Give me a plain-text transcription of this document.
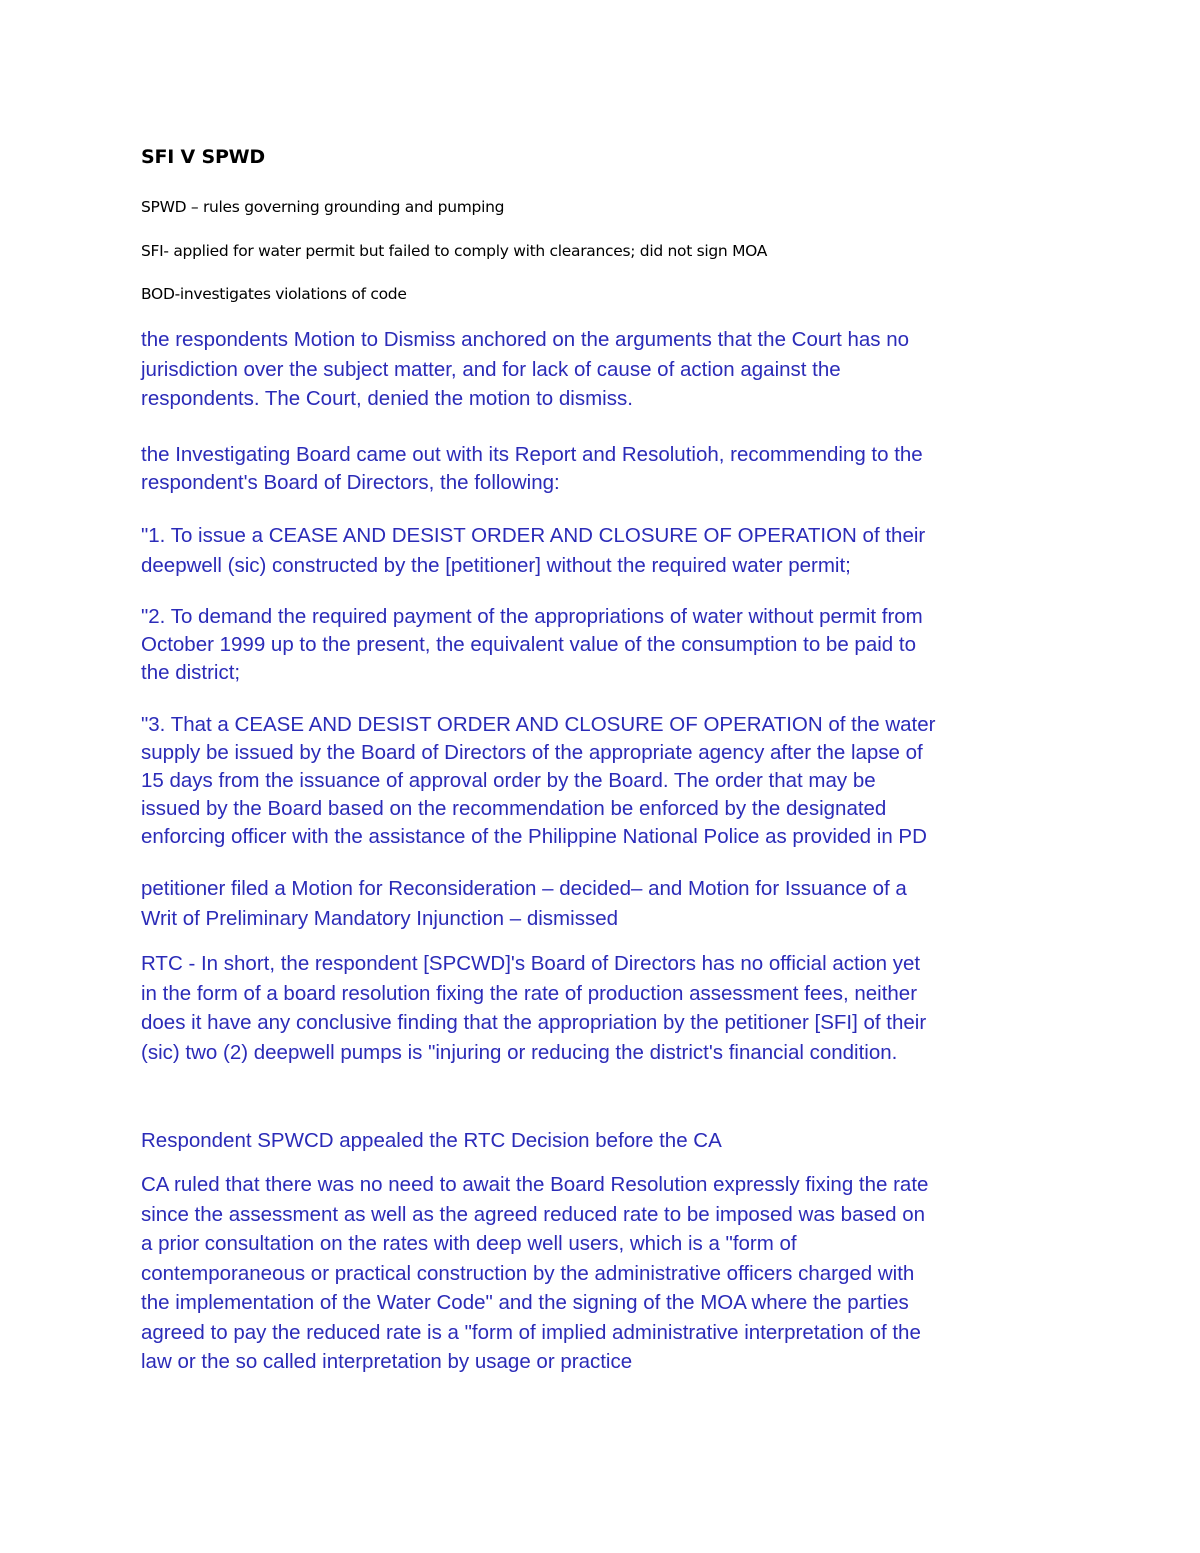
SFI V SPWD

SPWD – rules governing grounding and pumping

SFI- applied for water permit but failed to comply with clearances; did not sign MOA

BOD-investigates violations of code

the respondents Motion to Dismiss anchored on the arguments that the Court has no
jurisdiction over the subject matter, and for lack of cause of action against the
respondents. The Court, denied the motion to dismiss.
the Investigating Board came out with its Report and Resolutioh, recommending to the
respondent's Board of Directors, the following:
"1. To issue a CEASE AND DESIST ORDER AND CLOSURE OF OPERATION of their
deepwell (sic) constructed by the [petitioner] without the required water permit;
"2. To demand the required payment of the appropriations of water without permit from
October 1999 up to the present, the equivalent value of the consumption to be paid to
the district;
"3. That a CEASE AND DESIST ORDER AND CLOSURE OF OPERATION of the water
supply be issued by the Board of Directors of the appropriate agency after the lapse of
15 days from the issuance of approval order by the Board. The order that may be
issued by the Board based on the recommendation be enforced by the designated
enforcing officer with the assistance of the Philippine National Police as provided in PD
petitioner filed a Motion for Reconsideration – decided– and Motion for Issuance of a
Writ of Preliminary Mandatory Injunction – dismissed
RTC - In short, the respondent [SPCWD]'s Board of Directors has no official action yet
in the form of a board resolution fixing the rate of production assessment fees, neither
does it have any conclusive finding that the appropriation by the petitioner [SFI] of their
(sic) two (2) deepwell pumps is "injuring or reducing the district's financial condition.
Respondent SPWCD appealed the RTC Decision before the CA
CA ruled that there was no need to await the Board Resolution expressly fixing the rate
since the assessment as well as the agreed reduced rate to be imposed was based on
a prior consultation on the rates with deep well users, which is a "form of
contemporaneous or practical construction by the administrative officers charged with
the implementation of the Water Code" and the signing of the MOA where the parties
agreed to pay the reduced rate is a "form of implied administrative interpretation of the
law or the so called interpretation by usage or practice
